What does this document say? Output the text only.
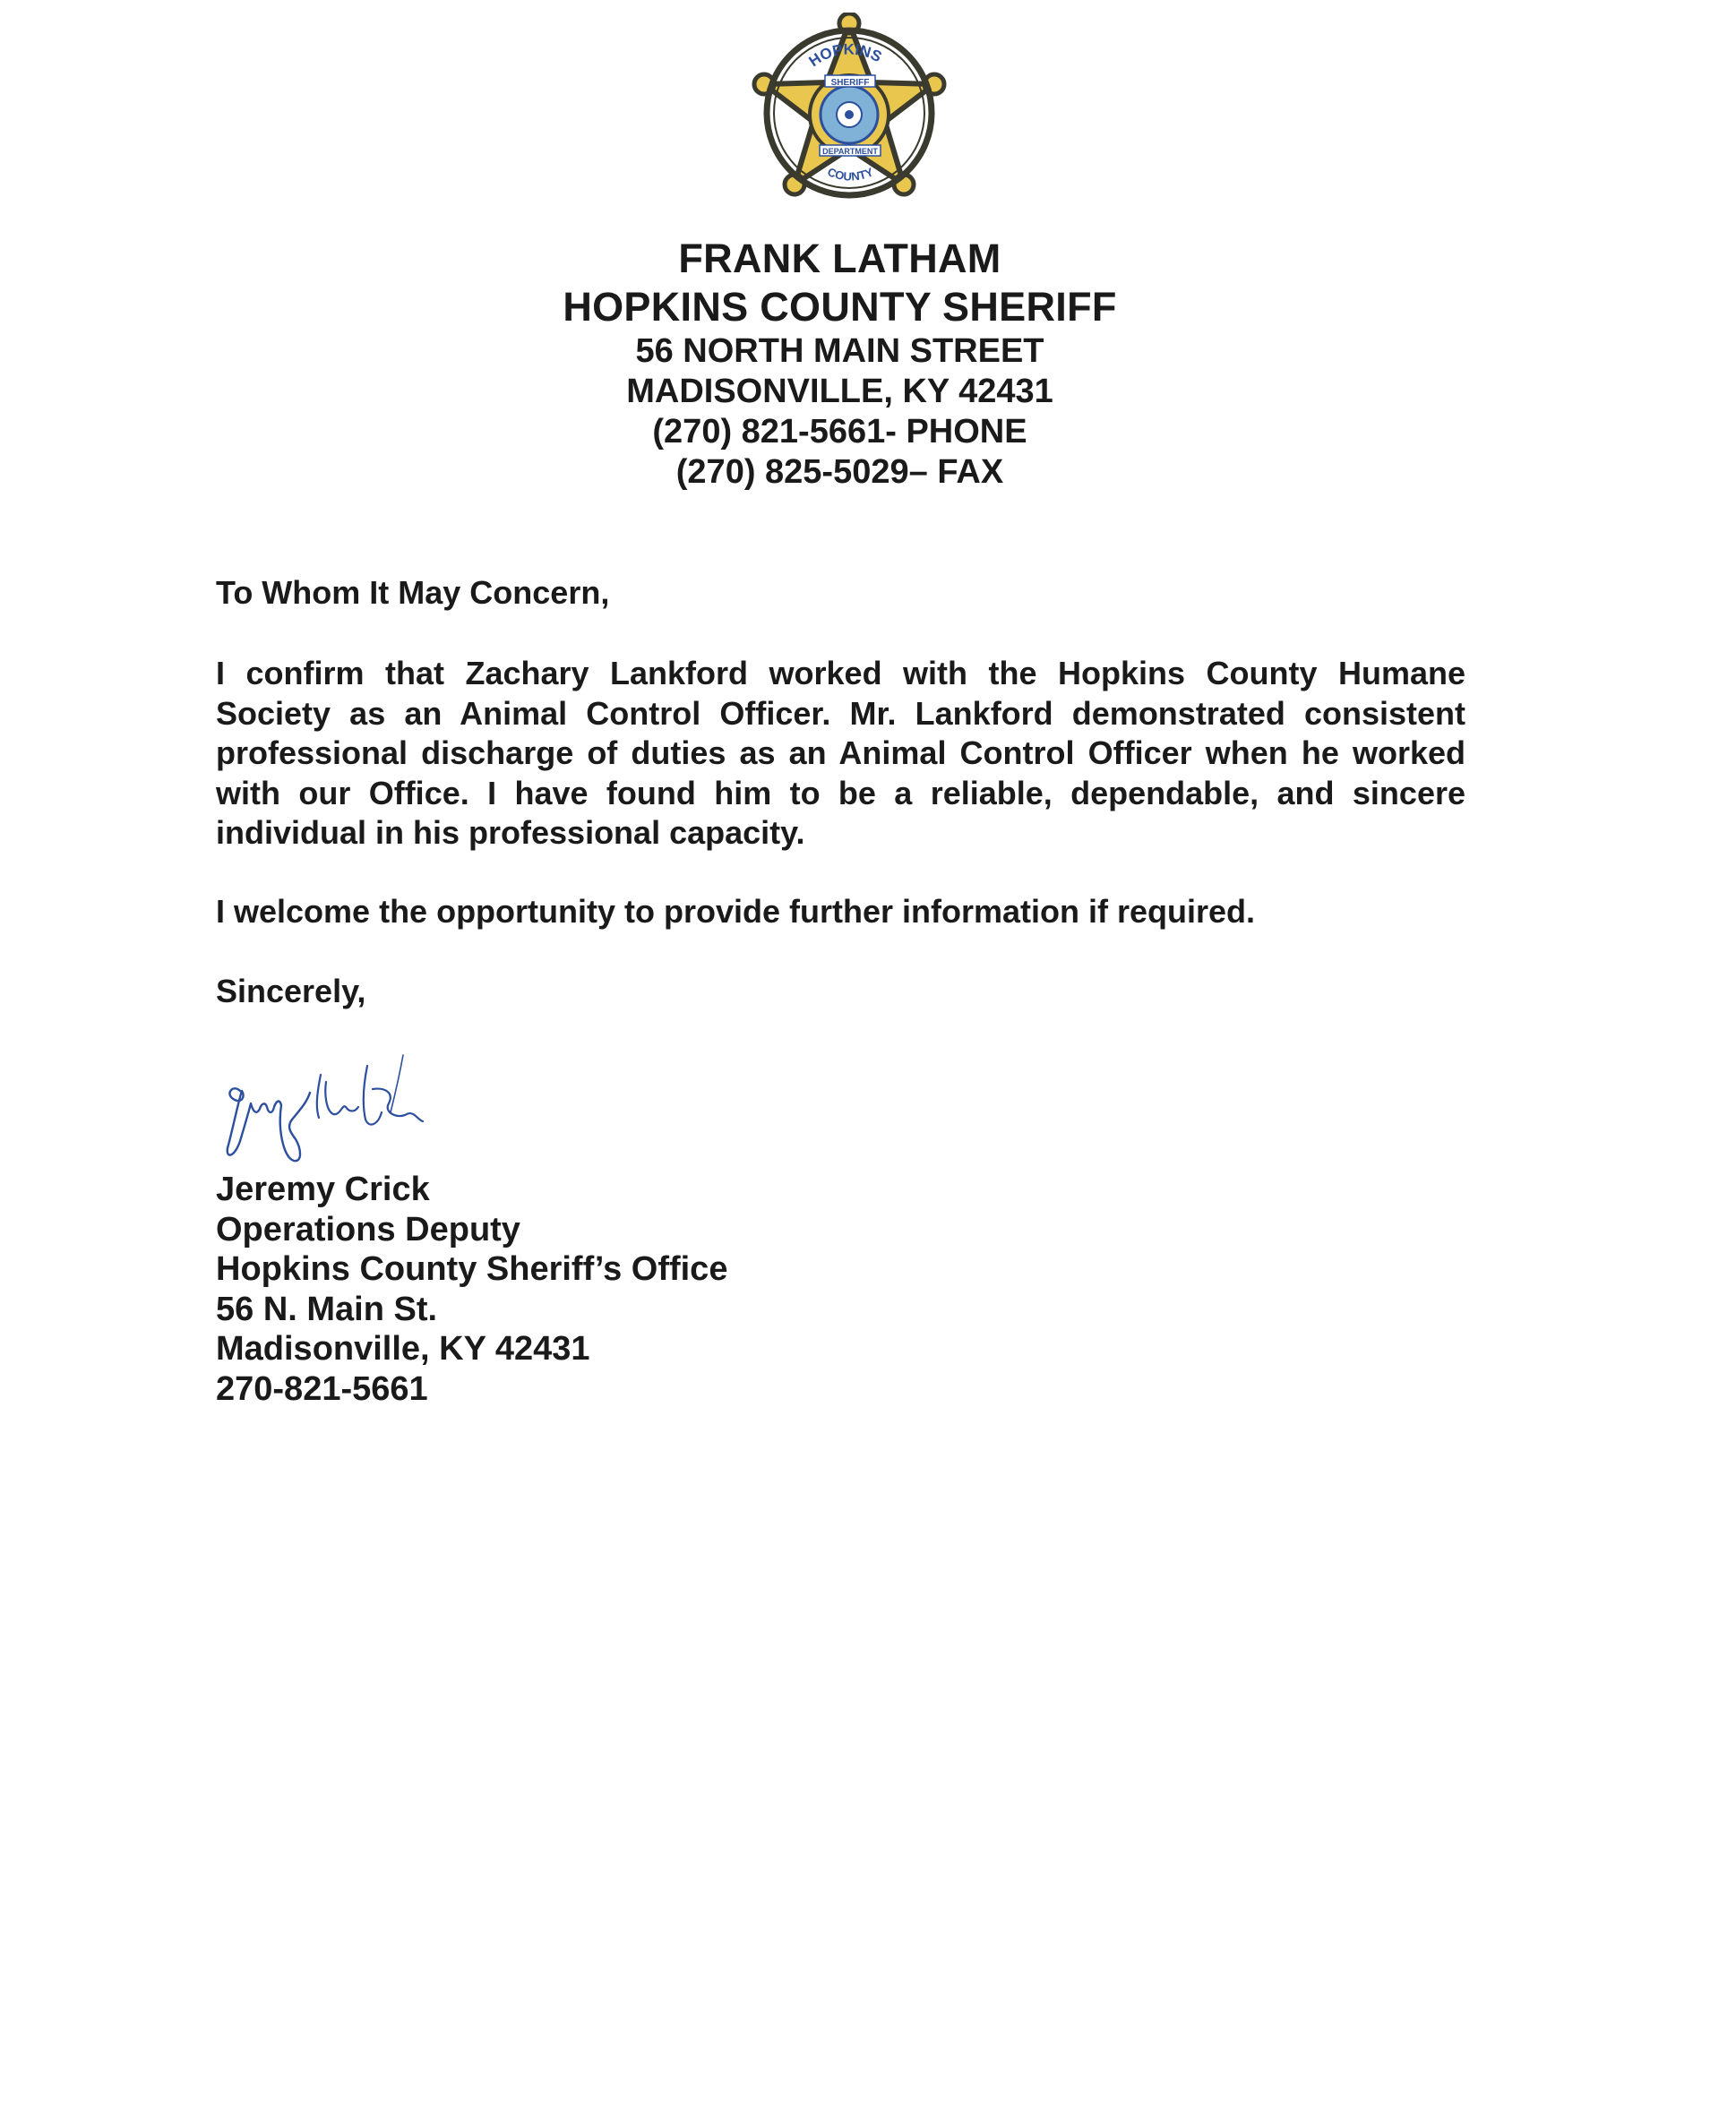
HOPKINS
COUNTY
SHERIFF
DEPARTMENT
FRANK LATHAM
HOPKINS COUNTY SHERIFF
56 NORTH MAIN STREET
MADISONVILLE, KY 42431
(270) 821-5661- PHONE
(270) 825-5029– FAX
To Whom It May Concern,
I confirm that Zachary Lankford worked with the Hopkins County Humane Society as an Animal Control Officer. Mr. Lankford demonstrated consistent professional discharge of duties as an Animal Control Officer when he worked with our Office. I have found him to be a reliable, dependable, and sincere individual in his professional capacity.
I welcome the opportunity to provide further information if required.
Sincerely,
Jeremy Crick
Operations Deputy
Hopkins County Sheriff’s Office
56 N. Main St.
Madisonville, KY 42431
270-821-5661
